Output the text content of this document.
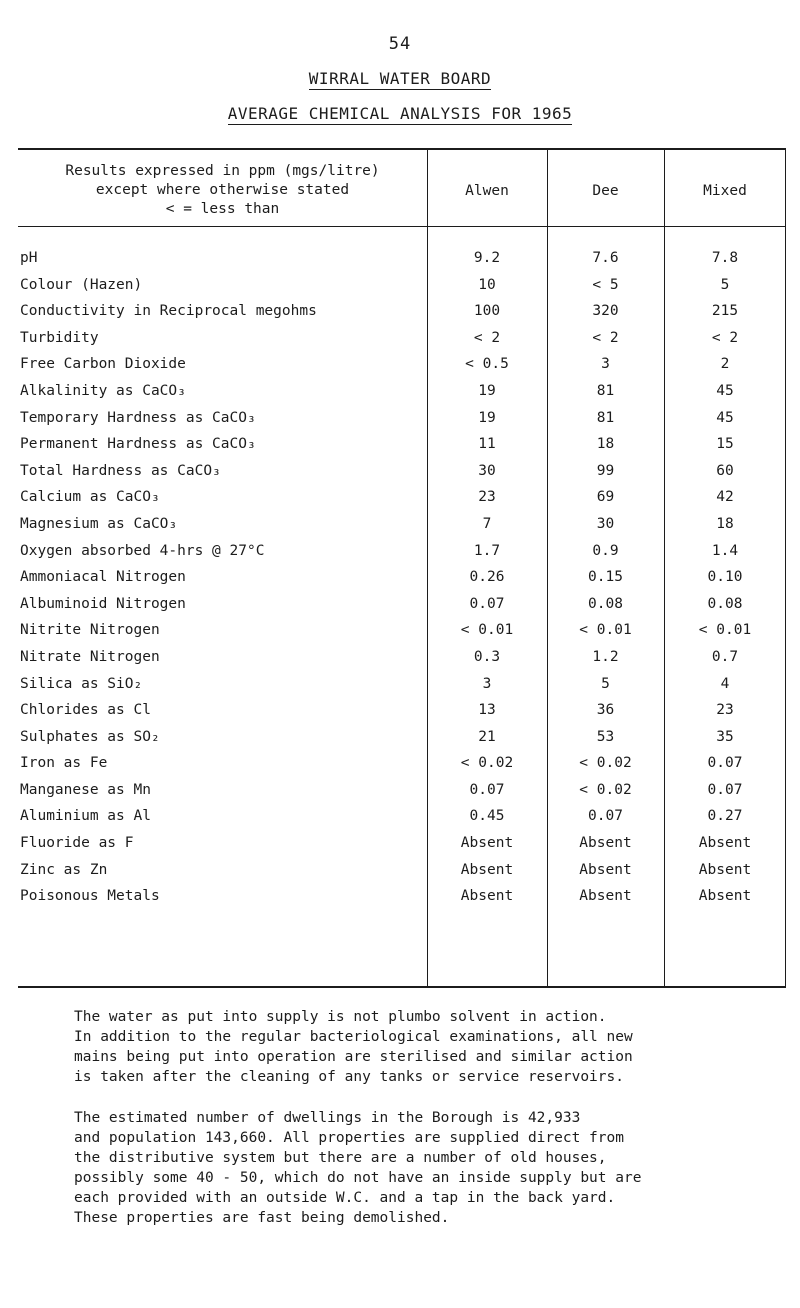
54
WIRRAL WATER BOARD
AVERAGE CHEMICAL ANALYSIS FOR 1965
Results expressed in ppm (mgs/litre)
except where otherwise stated
< = less than
Alwen	Dee	Mixed
pH	9.2	7.6	7.8
Colour (Hazen)	10	< 5	5
Conductivity in Reciprocal megohms	100	320	215
Turbidity	< 2	< 2	< 2
Free Carbon Dioxide	< 0.5	3	2
Alkalinity as CaCO₃	19	81	45
Temporary Hardness as CaCO₃	19	81	45
Permanent Hardness as CaCO₃	11	18	15
Total Hardness as CaCO₃	30	99	60
Calcium as CaCO₃	23	69	42
Magnesium as CaCO₃	7	30	18
Oxygen absorbed 4-hrs @ 27°C	1.7	0.9	1.4
Ammoniacal Nitrogen	0.26	0.15	0.10
Albuminoid Nitrogen	0.07	0.08	0.08
Nitrite Nitrogen	< 0.01	< 0.01	< 0.01
Nitrate Nitrogen	0.3	1.2	0.7
Silica as SiO₂	3	5	4
Chlorides as Cl	13	36	23
Sulphates as SO₂	21	53	35
Iron as Fe	< 0.02	< 0.02	0.07
Manganese as Mn	0.07	< 0.02	0.07
Aluminium as Al	0.45	0.07	0.27
Fluoride as F	Absent	Absent	Absent
Zinc as Zn	Absent	Absent	Absent
Poisonous Metals	Absent	Absent	Absent
The water as put into supply is not plumbo solvent in action.
In addition to the regular bacteriological examinations, all new
mains being put into operation are sterilised and similar action
is taken after the cleaning of any tanks or service reservoirs.
The estimated number of dwellings in the Borough is 42,933
and population 143,660. All properties are supplied direct from
the distributive system but there are a number of old houses,
possibly some 40 - 50, which do not have an inside supply but are
each provided with an outside W.C. and a tap in the back yard.
These properties are fast being demolished.
